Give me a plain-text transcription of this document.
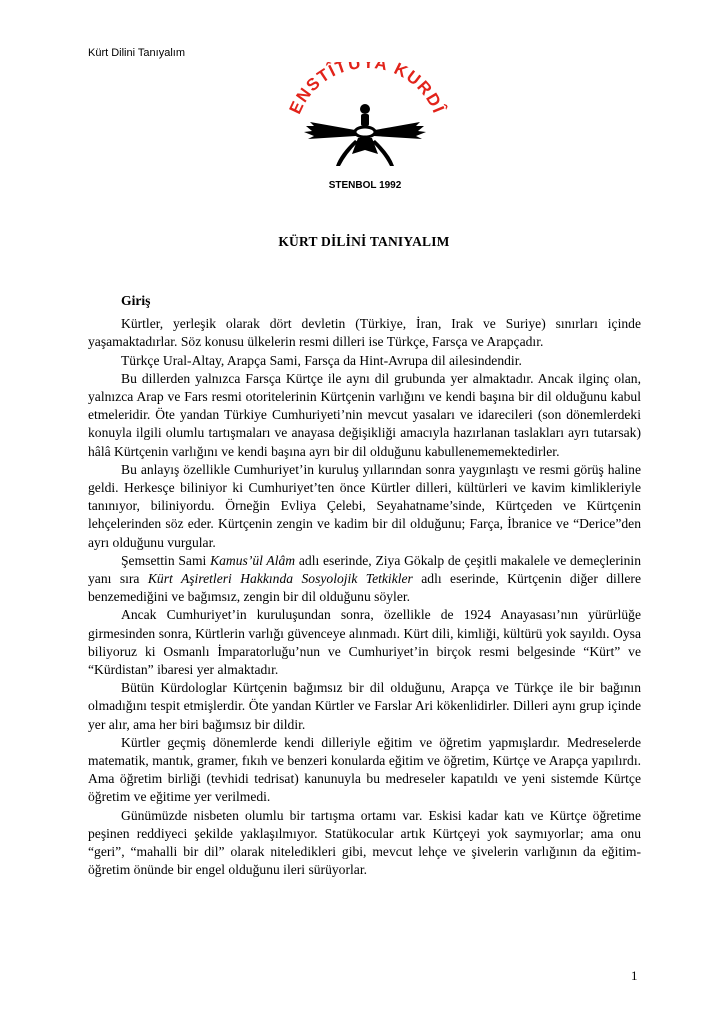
Kürt Dilini Tanıyalım
ENSTÎTUYA KURDÎ
STENBOL 1992
KÜRT DİLİNİ TANIYALIM

Giriş

Kürtler, yerleşik olarak dört devletin (Türkiye, İran, Irak ve Suriye) sınırları içinde yaşamaktadırlar. Söz konusu ülkelerin resmi dilleri ise Türkçe, Farsça ve Arapçadır.

Türkçe Ural-Altay, Arapça Sami, Farsça da Hint-Avrupa dil ailesindendir.

Bu dillerden yalnızca Farsça Kürtçe ile aynı dil grubunda yer almaktadır. Ancak ilginç olan, yalnızca Arap ve Fars resmi otoritelerinin Kürtçenin varlığını ve kendi başına bir dil olduğunu kabul etmeleridir. Öte yandan Türkiye Cumhuriyeti’nin mevcut yasaları ve idarecileri (son dönemlerdeki konuyla ilgili olumlu tartışmaları ve anayasa değişikliği amacıyla hazırlanan taslakları ayrı tutarsak) hâlâ Kürtçenin varlığını ve kendi başına ayrı bir dil olduğunu kabullenememektedirler.

Bu anlayış özellikle Cumhuriyet’in kuruluş yıllarından sonra yaygınlaştı ve resmi görüş haline geldi. Herkesçe biliniyor ki Cumhuriyet’ten önce Kürtler dilleri, kültürleri ve kavim kimlikleriyle tanınıyor, biliniyordu. Örneğin Evliya Çelebi, Seyahatname’sinde, Kürtçeden ve Kürtçenin lehçelerinden söz eder. Kürtçenin zengin ve kadim bir dil olduğunu; Farça, İbranice ve “Derice”den ayrı olduğunu vurgular.

Şemsettin Sami Kamus’ül Alâm adlı eserinde, Ziya Gökalp de çeşitli makalele ve demeçlerinin yanı sıra Kürt Aşiretleri Hakkında Sosyolojik Tetkikler adlı eserinde, Kürtçenin diğer dillere benzemediğini ve bağımsız, zengin bir dil olduğunu söyler.

Ancak Cumhuriyet’in kuruluşundan sonra, özellikle de 1924 Anayasası’nın yürürlüğe girmesinden sonra, Kürtlerin varlığı güvenceye alınmadı. Kürt dili, kimliği, kültürü yok sayıldı. Oysa biliyoruz ki Osmanlı İmparatorluğu’nun ve Cumhuriyet’in birçok resmi belgesinde “Kürt” ve “Kürdistan” ibaresi yer almaktadır.

Bütün Kürdologlar Kürtçenin bağımsız bir dil olduğunu, Arapça ve Türkçe ile bir bağının olmadığını tespit etmişlerdir. Öte yandan Kürtler ve Farslar Ari kökenlidirler. Dilleri aynı grup içinde yer alır, ama her biri bağımsız bir dildir.

Kürtler geçmiş dönemlerde kendi dilleriyle eğitim ve öğretim yapmışlardır. Medreselerde matematik, mantık, gramer, fıkıh ve benzeri konularda eğitim ve öğretim, Kürtçe ve Arapça yapılırdı. Ama öğretim birliği (tevhidi tedrisat) kanunuyla bu medreseler kapatıldı ve yeni sistemde Kürtçe öğretim ve eğitime yer verilmedi.

Günümüzde nisbeten olumlu bir tartışma ortamı var. Eskisi kadar katı ve Kürtçe öğretime peşinen reddiyeci şekilde yaklaşılmıyor. Statükocular artık Kürtçeyi yok saymıyorlar; ama onu “geri”, “mahalli bir dil” olarak niteledikleri gibi, mevcut lehçe ve şivelerin varlığının da eğitim-öğretim önünde bir engel olduğunu ileri sürüyorlar.

1
